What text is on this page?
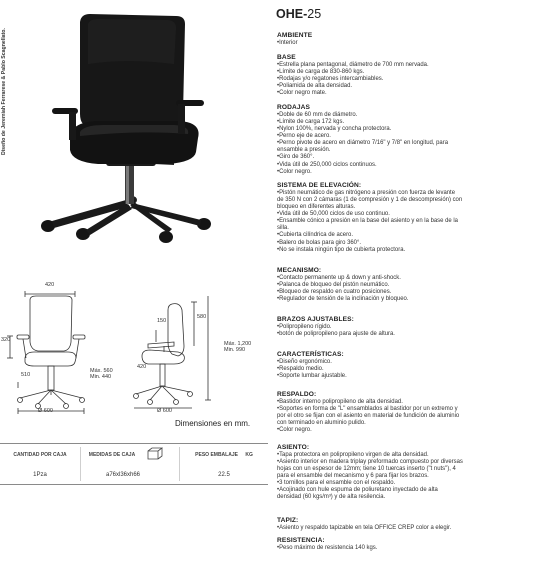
Diseño de Jeremiah Ferrarese & Pablo Scagnellato.
420
320
510
Ø 600
580
150
Máx. 1,200
Min. 990
Máx. 560
Min. 440
420
Ø 600
Dimensiones en mm.
CANTIDAD POR CAJA
1Pza
MEDIDAS DE CAJA
a76xl36xh66
PESO EMBALAJE KG
22.5
OHE-25
AMBIENTE

•Interior

BASE

•Estrella plana pentagonal, diámetro de 700 mm nervada.

•Límite de carga de 830-860 kgs.

•Rodajas y/o regatones intercambiables.

•Poliamida de alta densidad.

•Color negro mate.

RODAJAS

•Doble de 60 mm de diámetro.

•Límite de carga 172 kgs.

•Nylon 100%, nervada y concha protectora.

•Perno eje de acero.

•Perno pivote de acero en diámetro 7/16" y 7/8" en longitud, para

ensamble a presión.

•Giro de 360°.

•Vida útil de 250,000 ciclos continuos.

•Color negro.

SISTEMA DE ELEVACIÓN:

•Pistón neumático de gas nitrógeno a presión con fuerza de levante

de 350 N con 2 cámaras (1 de compresión y 1 de descompresión) con

bloqueo en diferentes alturas.

•Vida útil de 50,000 ciclos de uso continuo.

•Ensamble cónico a presión en la base del asiento y en la base de la

silla.

•Cubierta cilíndrica de acero.

•Balero de bolas para giro 360°.

•No se instala ningún tipo de cubierta protectora.

MECANISMO:

•Contacto permanente up & down y anti-shock.

•Palanca de bloqueo del pistón neumático.

•Bloqueo de respaldo en cuatro posiciones.

•Regulador de tensión de la inclinación y bloqueo.

BRAZOS AJUSTABLES:

•Polipropileno rígido.

•botón de polipropileno para ajuste de altura.

CARACTERÍSTICAS:

•Diseño ergonómico.

•Respaldo medio.

•Soporte lumbar ajustable.

RESPALDO:

•Bastidor interno polipropileno de alta densidad.

•Soportes en forma de "L" ensamblados al bastidor por un extremo y

por el otro se fijan con el asiento en material de fundición de aluminio

con terminado en aluminio pulido.

•Color negro.

ASIENTO:

•Tapa protectora en polipropileno virgen de alta densidad.

•Asiento interior en madera triplay preformado compuesto por diversas

hojas con un espesor de 12mm; tiene 10 tuercas inserto ("t nuts"), 4

para el ensamble del mecanismo y 6 para fijar los brazos.

•3 tornillos para el ensamble con el respaldo.

•Acojinado con hule espuma de poliuretano inyectado de alta

densidad (60 kgs/m³) y de alta resilencia.

TAPIZ:

•Asiento y respaldo tapizable en tela OFFICE CREP color a elegir.

RESISTENCIA:

•Peso máximo de resistencia 140 kgs.
